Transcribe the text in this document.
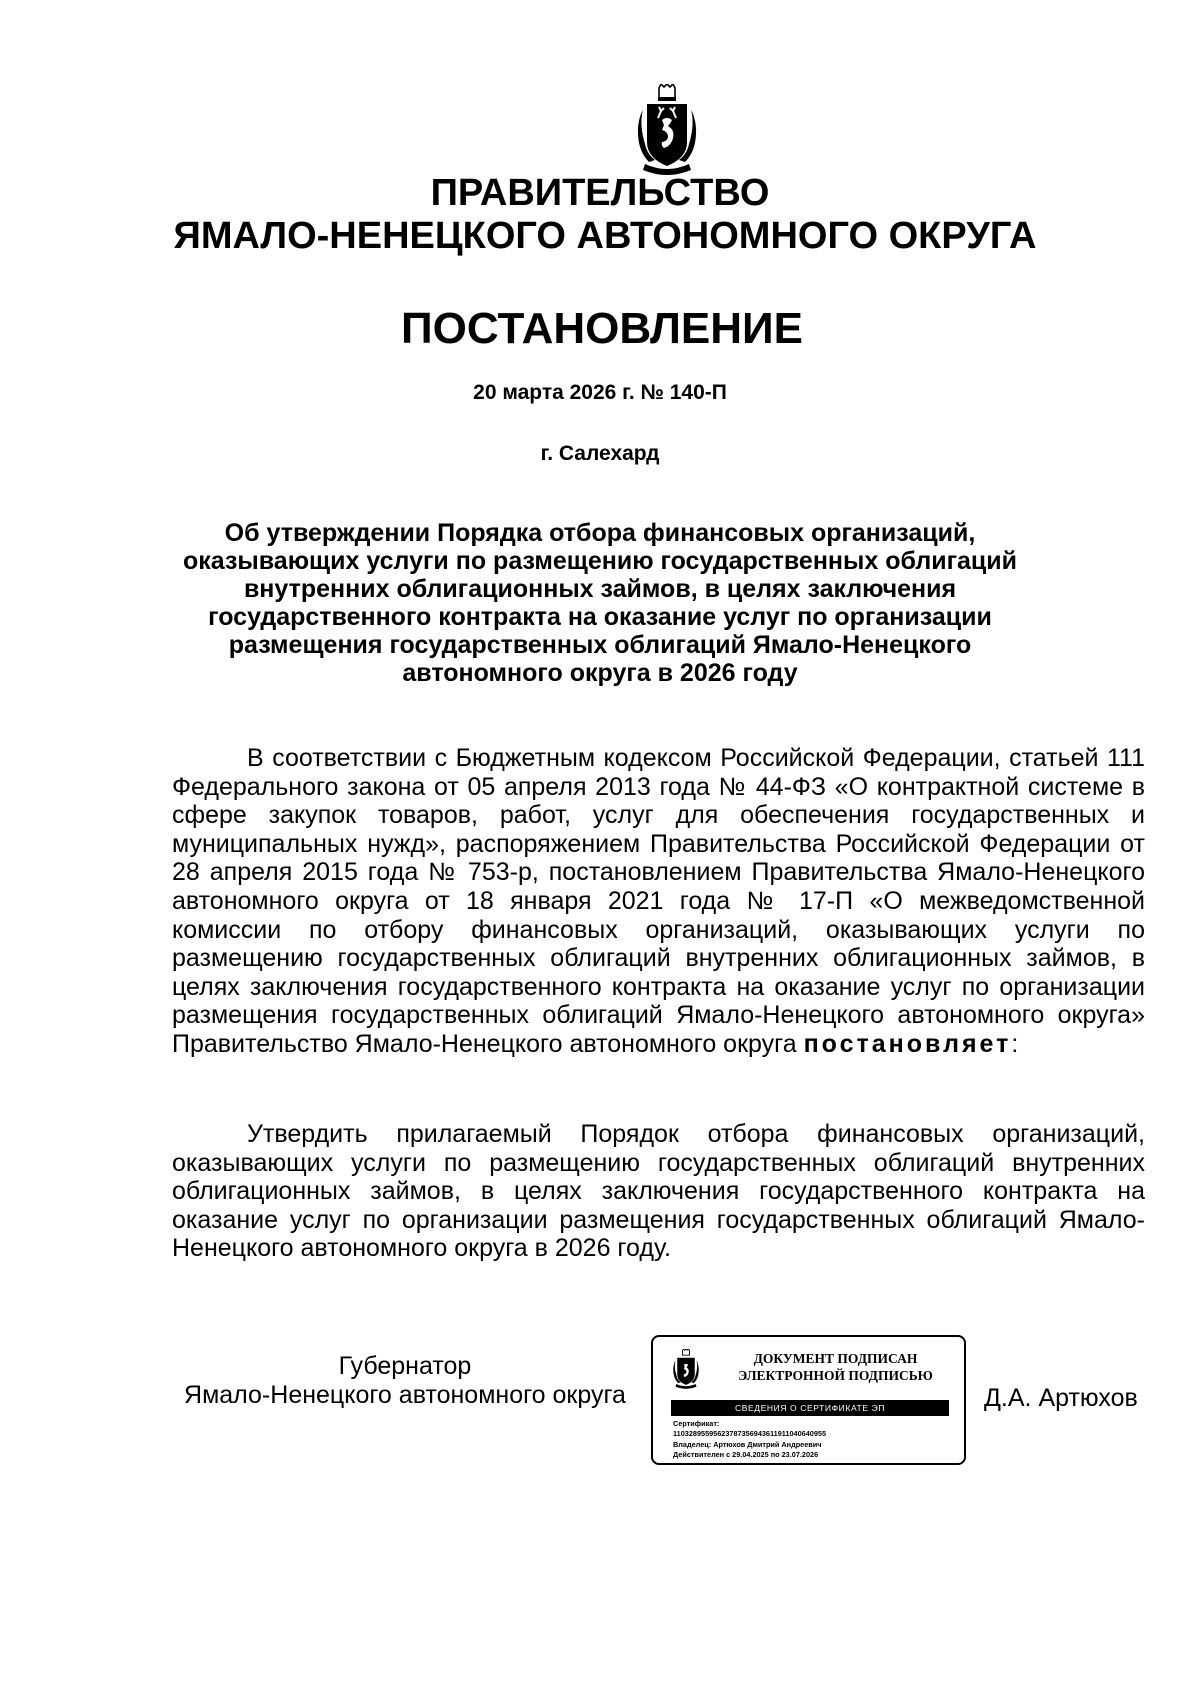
ПРАВИТЕЛЬСТВО
ЯМАЛО-НЕНЕЦКОГО АВТОНОМНОГО ОКРУГА
ПОСТАНОВЛЕНИЕ
20 марта 2026 г. № 140-П
г. Салехард
Об утверждении Порядка отбора финансовых организаций,
оказывающих услуги по размещению государственных облигаций
внутренних облигационных займов, в целях заключения
государственного контракта на оказание услуг по организации
размещения государственных облигаций Ямало-Ненецкого
автономного округа в 2026 году

В соответствии с Бюджетным кодексом Российской Федерации, статьей 111 Федерального закона от 05 апреля 2013 года № 44-ФЗ «О контрактной системе в сфере закупок товаров, работ, услуг для обеспечения государственных и муниципальных нужд», распоряжением Правительства Российской Федерации от 28 апреля 2015 года № 753-р, постановлением Правительства Ямало-Ненецкого автономного округа от 18 января 2021 года № 17-П «О межведомственной комиссии по отбору финансовых организаций, оказывающих услуги по размещению государственных облигаций внутренних облигационных займов, в целях заключения государственного контракта на оказание услуг по организации размещения государственных облигаций Ямало-Ненецкого автономного округа» Правительство Ямало-Ненецкого автономного округа постановляет:

Утвердить прилагаемый Порядок отбора финансовых организаций, оказывающих услуги по размещению государственных облигаций внутренних облигационных займов, в целях заключения государственного контракта на оказание услуг по организации размещения государственных облигаций Ямало-Ненецкого автономного округа в 2026 году.

Губернатор
Ямало-Ненецкого автономного округа
ДОКУМЕНТ ПОДПИСАН
ЭЛЕКТРОННОЙ ПОДПИСЬЮ
СВЕДЕНИЯ О СЕРТИФИКАТЕ ЭП
Сертификат:
11032895595623787356943611911040640955
Владелец: Артюхов Дмитрий Андреевич
Действителен с 29.04.2025 по 23.07.2026
Д.А. Артюхов
